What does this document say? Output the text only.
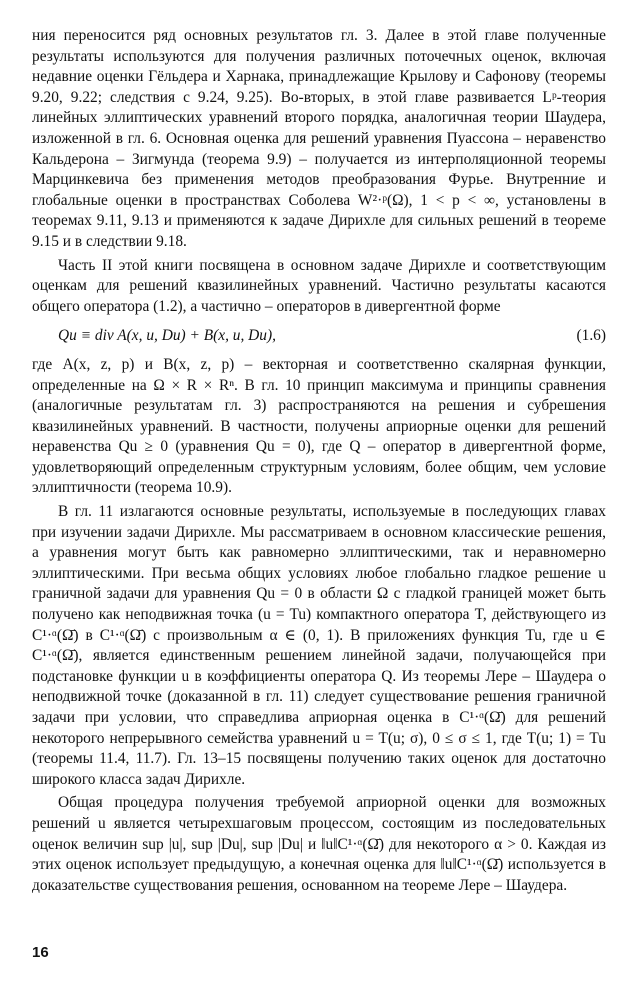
ния переносится ряд основных результатов гл. 3. Далее в этой главе полученные результаты используются для получения различных поточечных оценок, включая недавние оценки Гёльдера и Харнака, принадлежащие Крылову и Сафонову (теоремы 9.20, 9.22; следствия с 9.24, 9.25). Во-вторых, в этой главе развивается Lᵖ-теория линейных эллиптических уравнений второго порядка, аналогичная теории Шаудера, изложенной в гл. 6. Основная оценка для решений уравнения Пуассона – неравенство Кальдерона – Зигмунда (теорема 9.9) – получается из интерполяционной теоремы Марцинкевича без применения методов преобразования Фурье. Внутренние и глобальные оценки в пространствах Соболева W²·ᵖ(Ω), 1 < p < ∞, установлены в теоремах 9.11, 9.13 и применяются к задаче Дирихле для сильных решений в теореме 9.15 и в следствии 9.18.

Часть II этой книги посвящена в основном задаче Дирихле и соответствующим оценкам для решений квазилинейных уравнений. Частично результаты касаются общего оператора (1.2), а частично – операторов в дивергентной форме

Qu ≡ div A(x, u, Du) + B(x, u, Du),	(1.6)

где A(x, z, p) и B(x, z, p) – векторная и соответственно скалярная функции, определенные на Ω × R × Rⁿ. В гл. 10 принцип максимума и принципы сравнения (аналогичные результатам гл. 3) распространяются на решения и субрешения квазилинейных уравнений. В частности, получены априорные оценки для решений неравенства Qu ≥ 0 (уравнения Qu = 0), где Q – оператор в дивергентной форме, удовлетворяющий определенным структурным условиям, более общим, чем условие эллиптичности (теорема 10.9).

В гл. 11 излагаются основные результаты, используемые в последующих главах при изучении задачи Дирихле. Мы рассматриваем в основном классические решения, а уравнения могут быть как равномерно эллиптическими, так и неравномерно эллиптическими. При весьма общих условиях любое глобально гладкое решение u граничной задачи для уравнения Qu = 0 в области Ω с гладкой границей может быть получено как неподвижная точка (u = Tu) компактного оператора T, действующего из C¹·ᵅ(Ω̄) в C¹·ᵅ(Ω̄) с произвольным α ∈ (0, 1). В приложениях функция Tu, где u ∈ C¹·ᵅ(Ω̄), является единственным решением линейной задачи, получающейся при подстановке функции u в коэффициенты оператора Q. Из теоремы Лере – Шаудера о неподвижной точке (доказанной в гл. 11) следует существование решения граничной задачи при условии, что справедлива априорная оценка в C¹·ᵅ(Ω̄) для решений некоторого непрерывного семейства уравнений u = T(u; σ), 0 ≤ σ ≤ 1, где T(u; 1) = Tu (теоремы 11.4, 11.7). Гл. 13–15 посвящены получению таких оценок для достаточно широкого класса задач Дирихле.

Общая процедура получения требуемой априорной оценки для возможных решений u является четырехшаговым процессом, состоящим из последовательных оценок величин sup |u|, sup |Du|, sup |Du| и ‖u‖C¹·ᵅ(Ω̄) для некоторого α > 0. Каждая из этих оценок использует предыдущую, а конечная оценка для ‖u‖C¹·ᵅ(Ω̄) используется в доказательстве существования решения, основанном на теореме Лере – Шаудера.

16
